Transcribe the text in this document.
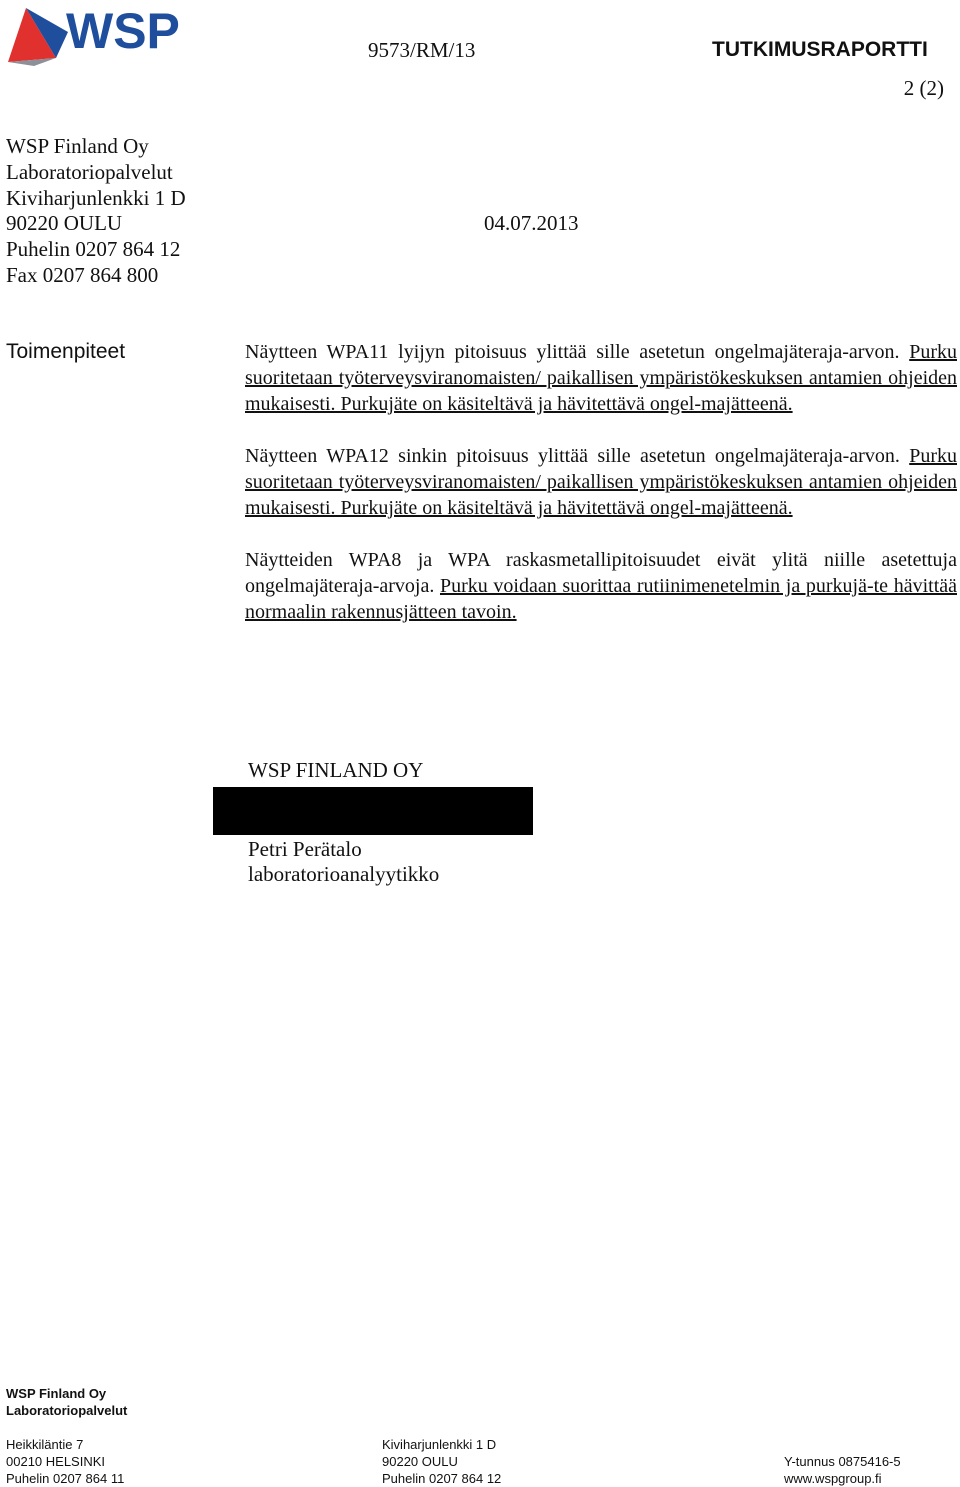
WSP	9573/RM/13	TUTKIMUSRAPORTTI
2 (2)
WSP Finland Oy
Laboratoriopalvelut
Kiviharjunlenkki 1 D
90220 OULU
Puhelin 0207 864 12
Fax 0207 864 800
04.07.2013
Toimenpiteet	Näytteen WPA11 lyijyn pitoisuus ylittää sille asetetun ongelmajäteraja-arvon. Purku suoritetaan työterveysviranomaisten/ paikallisen ympäristökeskuksen antamien ohjeiden mukaisesti. Purkujäte on käsiteltävä ja hävitettävä ongel-majätteenä.

Näytteen WPA12 sinkin pitoisuus ylittää sille asetetun ongelmajäteraja-arvon. Purku suoritetaan työterveysviranomaisten/ paikallisen ympäristökeskuksen antamien ohjeiden mukaisesti. Purkujäte on käsiteltävä ja hävitettävä ongel-majätteenä.

Näytteiden WPA8 ja WPA raskasmetallipitoisuudet eivät ylitä niille asetettuja ongelmajäteraja-arvoja. Purku voidaan suorittaa rutiinimenetelmin ja purkujä-te hävittää normaalin rakennusjätteen tavoin.

WSP FINLAND OY
Petri Perätalo
laboratorioanalyytikko
WSP Finland Oy
Laboratoriopalvelut
Heikkiläntie 7
00210 HELSINKI
Puhelin 0207 864 11
Kiviharjunlenkki 1 D
90220 OULU
Puhelin 0207 864 12

Y-tunnus 0875416-5
www.wspgroup.fi
